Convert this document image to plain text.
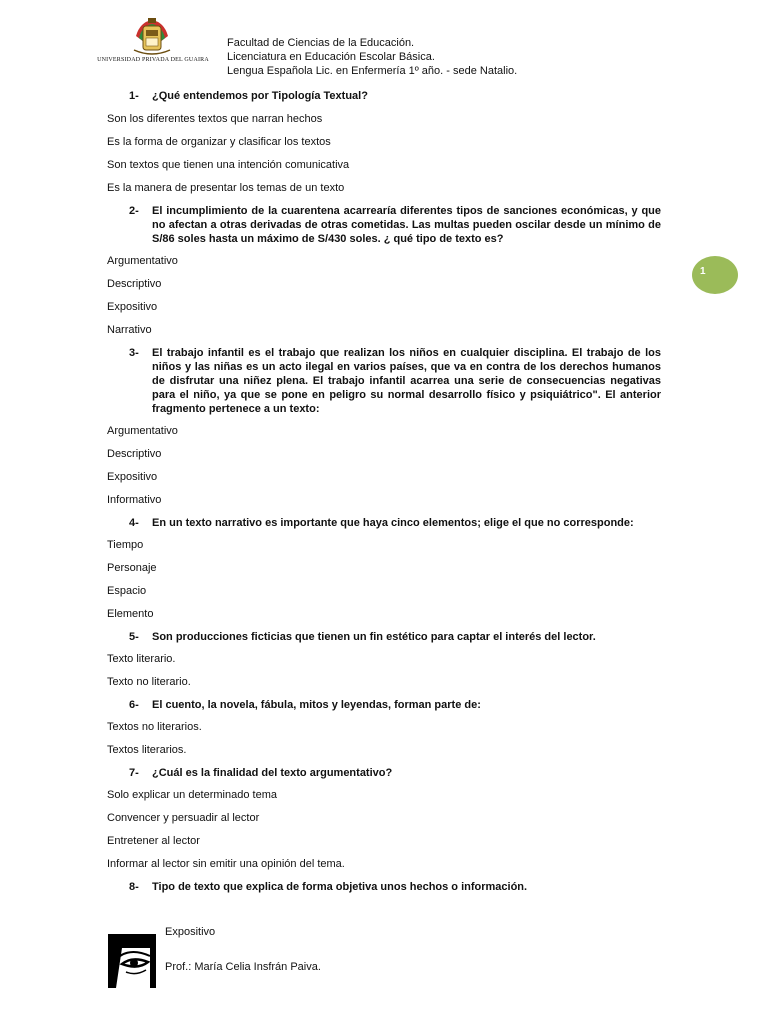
UNIVERSIDAD PRIVADA DEL GUAIRA
Facultad de Ciencias de la Educación.
Licenciatura en Educación Escolar Básica.
Lengua Española Lic. en Enfermería 1º año. - sede Natalio.
1
1- ¿Qué entendemos por Tipología Textual?
Son los diferentes textos que narran hechos
Es la forma de organizar y clasificar los textos
Son textos que tienen una intención comunicativa
Es la manera de presentar los temas de un texto
2- El incumplimiento de la cuarentena acarrearía diferentes tipos de sanciones económicas, y que no afectan a otras derivadas de otras cometidas. Las multas pueden oscilar desde un mínimo de S/86 soles hasta un máximo de S/430 soles. ¿ qué tipo de texto es?
Argumentativo
Descriptivo
Expositivo
Narrativo
3- El trabajo infantil es el trabajo que realizan los niños en cualquier disciplina. El trabajo de los niños y las niñas es un acto ilegal en varios países, que va en contra de los derechos humanos de disfrutar una niñez plena. El trabajo infantil acarrea una serie de consecuencias negativas para el niño, ya que se pone en peligro su normal desarrollo físico y psiquiátrico". El anterior fragmento pertenece a un texto:
Argumentativo
Descriptivo
Expositivo
Informativo
4- En un texto narrativo es importante que haya cinco elementos; elige el que no corresponde:
Tiempo
Personaje
Espacio
Elemento
5- Son producciones ficticias que tienen un fin estético para captar el interés del lector.
Texto literario.
Texto no literario.
6- El cuento, la novela, fábula, mitos y leyendas, forman parte de:
Textos no literarios.
Textos literarios.
7- ¿Cuál es la finalidad del texto argumentativo?
Solo explicar un determinado tema
Convencer y persuadir al lector
Entretener al lector
Informar al lector sin emitir una opinión del tema.
8- Tipo de texto que explica de forma objetiva unos hechos o información.
Expositivo
Prof.: María Celia Insfrán Paiva.
